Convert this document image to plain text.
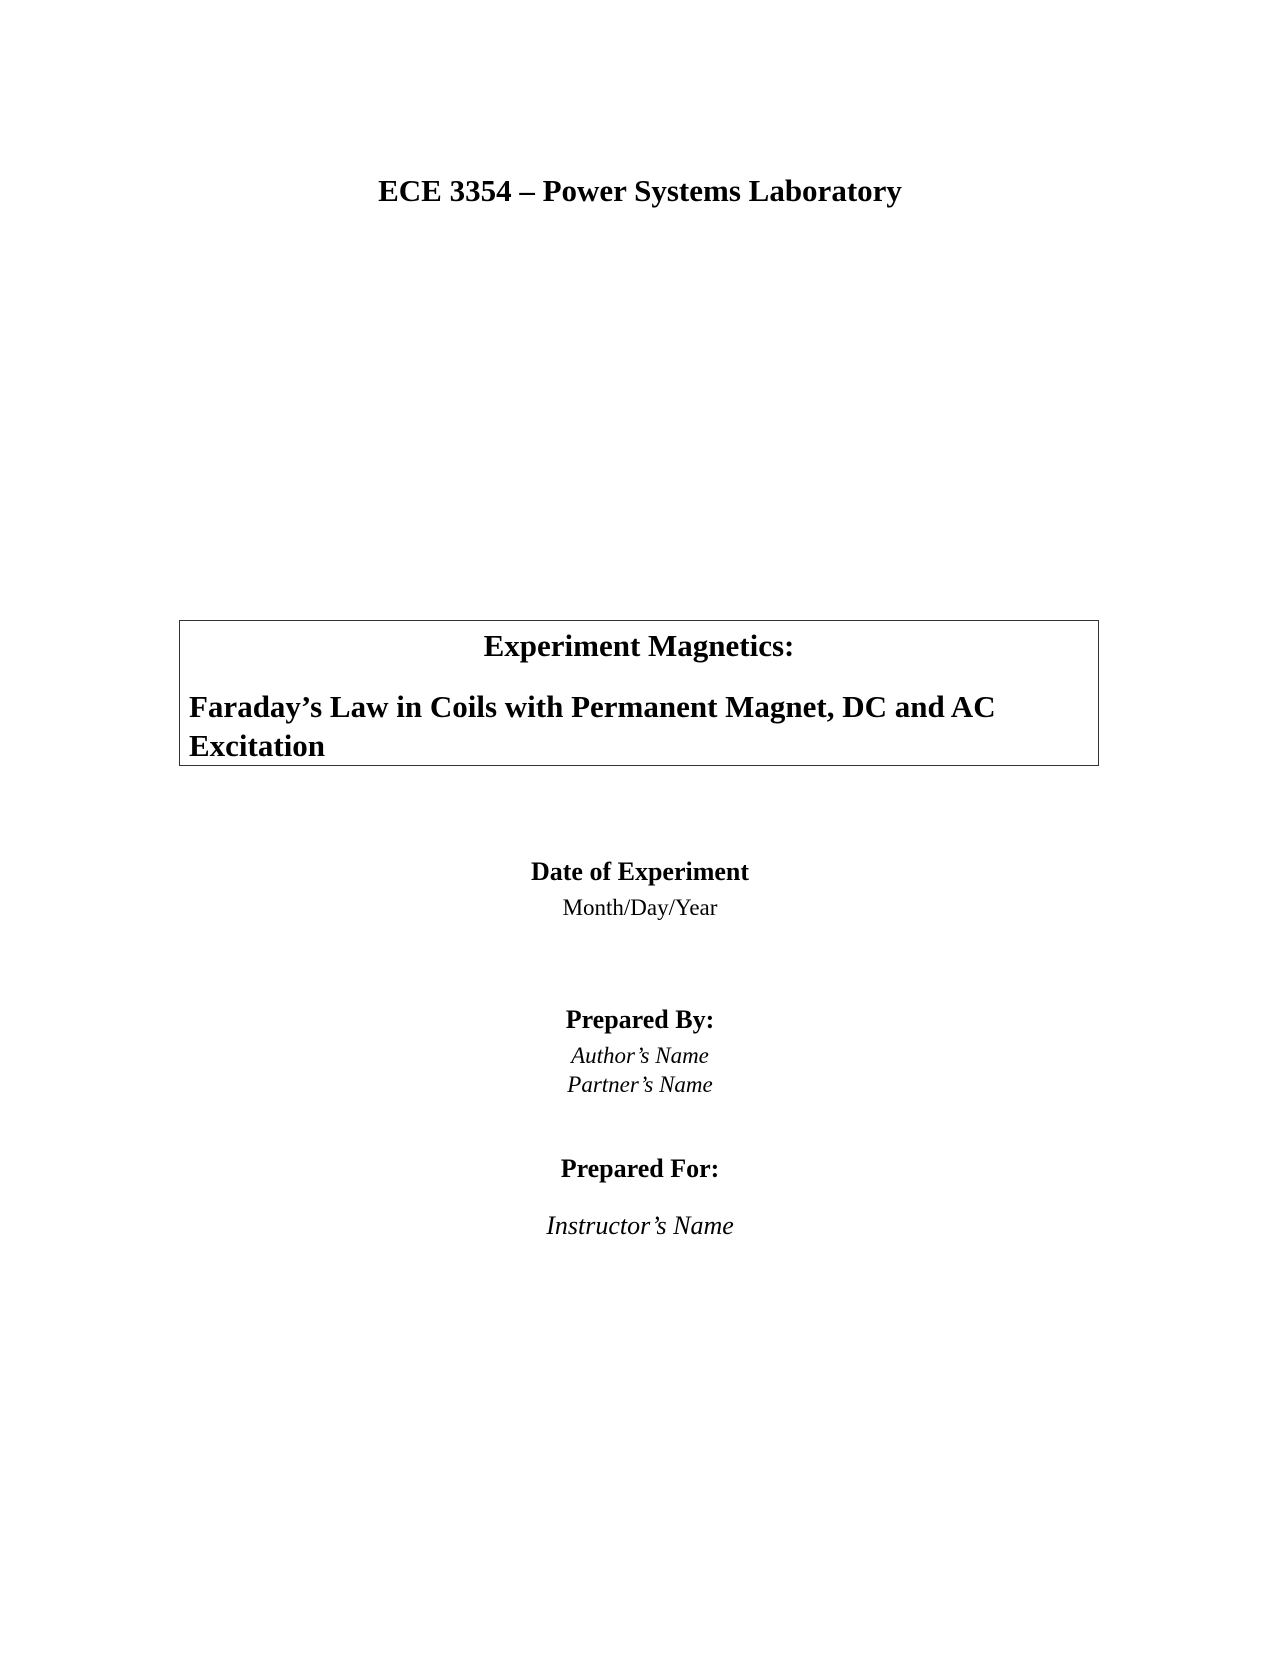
ECE 3354 – Power Systems Laboratory
Experiment Magnetics:
Faraday’s Law in Coils with Permanent Magnet, DC and AC Excitation
Date of Experiment
Month/Day/Year
Prepared By:
Author’s Name
Partner’s Name
Prepared For:
Instructor’s Name
